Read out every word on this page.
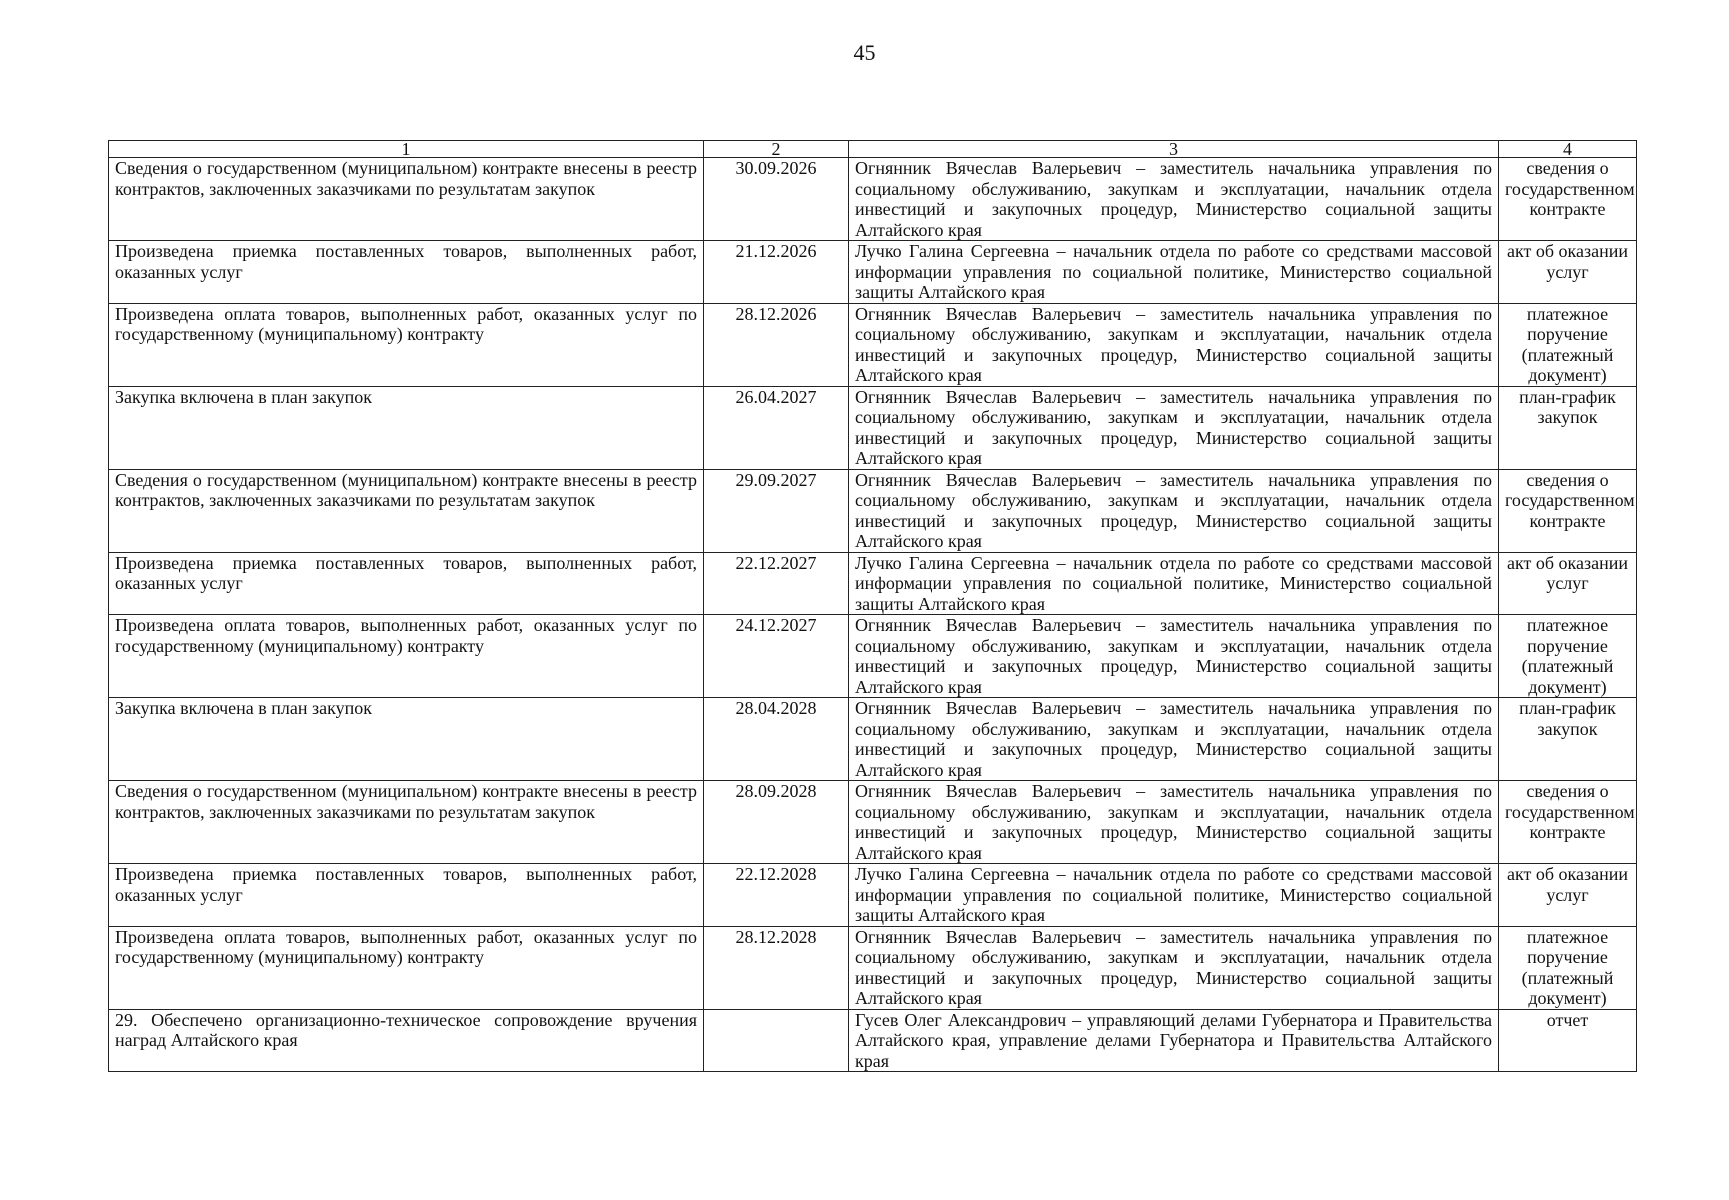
45
1	2	3	4
Сведения о государственном (муниципальном) контракте внесены в реестр контрактов, заключенных заказчиками по результатам закупок	30.09.2026	Огнянник Вячеслав Валерьевич – заместитель начальника управления по социальному обслуживанию, закупкам и эксплуатации, начальник отдела инвестиций и закупочных процедур, Министерство социальной защиты Алтайского края	сведения о государственном контракте
Произведена приемка поставленных товаров, выполненных работ, оказанных услуг	21.12.2026	Лучко Галина Сергеевна – начальник отдела по работе со средствами массовой информации управления по социальной политике, Министерство социальной защиты Алтайского края	акт об оказании услуг
Произведена оплата товаров, выполненных работ, оказанных услуг по государственному (муниципальному) контракту	28.12.2026	Огнянник Вячеслав Валерьевич – заместитель начальника управления по социальному обслуживанию, закупкам и эксплуатации, начальник отдела инвестиций и закупочных процедур, Министерство социальной защиты Алтайского края	платежное поручение (платежный документ)
Закупка включена в план закупок	26.04.2027	Огнянник Вячеслав Валерьевич – заместитель начальника управления по социальному обслуживанию, закупкам и эксплуатации, начальник отдела инвестиций и закупочных процедур, Министерство социальной защиты Алтайского края	план-график закупок
Сведения о государственном (муниципальном) контракте внесены в реестр контрактов, заключенных заказчиками по результатам закупок	29.09.2027	Огнянник Вячеслав Валерьевич – заместитель начальника управления по социальному обслуживанию, закупкам и эксплуатации, начальник отдела инвестиций и закупочных процедур, Министерство социальной защиты Алтайского края	сведения о государственном контракте
Произведена приемка поставленных товаров, выполненных работ, оказанных услуг	22.12.2027	Лучко Галина Сергеевна – начальник отдела по работе со средствами массовой информации управления по социальной политике, Министерство социальной защиты Алтайского края	акт об оказании услуг
Произведена оплата товаров, выполненных работ, оказанных услуг по государственному (муниципальному) контракту	24.12.2027	Огнянник Вячеслав Валерьевич – заместитель начальника управления по социальному обслуживанию, закупкам и эксплуатации, начальник отдела инвестиций и закупочных процедур, Министерство социальной защиты Алтайского края	платежное поручение (платежный документ)
Закупка включена в план закупок	28.04.2028	Огнянник Вячеслав Валерьевич – заместитель начальника управления по социальному обслуживанию, закупкам и эксплуатации, начальник отдела инвестиций и закупочных процедур, Министерство социальной защиты Алтайского края	план-график закупок
Сведения о государственном (муниципальном) контракте внесены в реестр контрактов, заключенных заказчиками по результатам закупок	28.09.2028	Огнянник Вячеслав Валерьевич – заместитель начальника управления по социальному обслуживанию, закупкам и эксплуатации, начальник отдела инвестиций и закупочных процедур, Министерство социальной защиты Алтайского края	сведения о государственном контракте
Произведена приемка поставленных товаров, выполненных работ, оказанных услуг	22.12.2028	Лучко Галина Сергеевна – начальник отдела по работе со средствами массовой информации управления по социальной политике, Министерство социальной защиты Алтайского края	акт об оказании услуг
Произведена оплата товаров, выполненных работ, оказанных услуг по государственному (муниципальному) контракту	28.12.2028	Огнянник Вячеслав Валерьевич – заместитель начальника управления по социальному обслуживанию, закупкам и эксплуатации, начальник отдела инвестиций и закупочных процедур, Министерство социальной защиты Алтайского края	платежное поручение (платежный документ)
29. Обеспечено организационно-техническое сопровождение вручения наград Алтайского края		Гусев Олег Александрович – управляющий делами Губернатора и Правительства Алтайского края, управление делами Губернатора и Правительства Алтайского края	отчет
